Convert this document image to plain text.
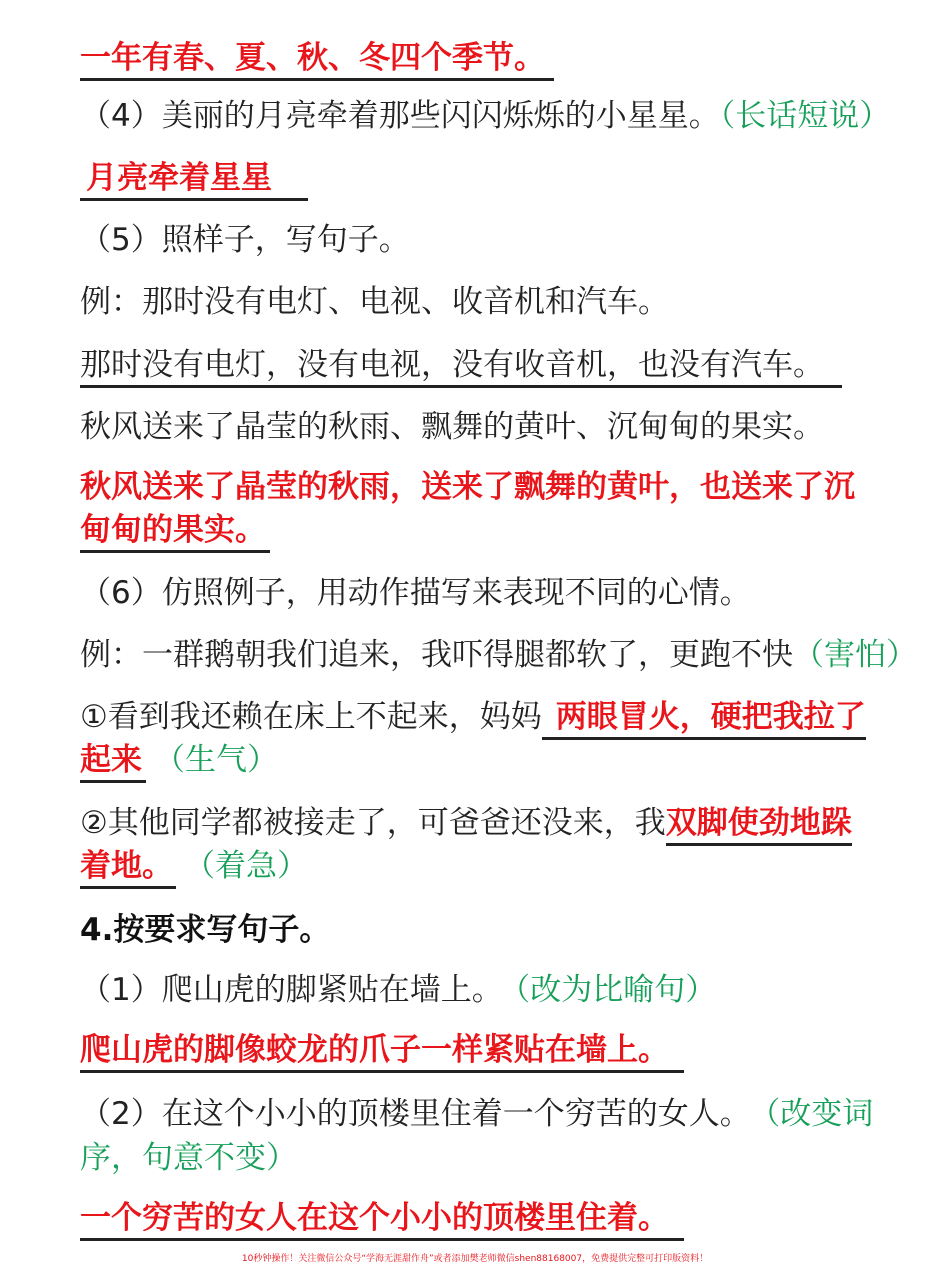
一年有春、夏、秋、冬四个季节。
（4）美丽的月亮牵着那些闪闪烁烁的小星星。（长话短说）
月亮牵着星星
（5）照样子，写句子。
例：那时没有电灯、电视、收音机和汽车。
那时没有电灯，没有电视，没有收音机，也没有汽车。
秋风送来了晶莹的秋雨、飘舞的黄叶、沉甸甸的果实。
秋风送来了晶莹的秋雨，送来了飘舞的黄叶，也送来了沉
甸甸的果实。
（6）仿照例子，用动作描写来表现不同的心情。
例：一群鹅朝我们追来，我吓得腿都软了，更跑不快（害怕）
①看到我还赖在床上不起来，妈妈 两眼冒火，硬把我拉了
起来 （生气）
②其他同学都被接走了，可爸爸还没来，我双脚使劲地跺
着地。 （着急）
4.按要求写句子。
（1）爬山虎的脚紧贴在墙上。 （改为比喻句）
爬山虎的脚像蛟龙的爪子一样紧贴在墙上。
（2）在这个小小的顶楼里住着一个穷苦的女人。 （改变词
序，句意不变）
一个穷苦的女人在这个小小的顶楼里住着。
10秒钟操作！关注微信公众号“学海无涯甜作舟”或者添加樊老师微信shen88168007，免费提供完整可打印版资料！
